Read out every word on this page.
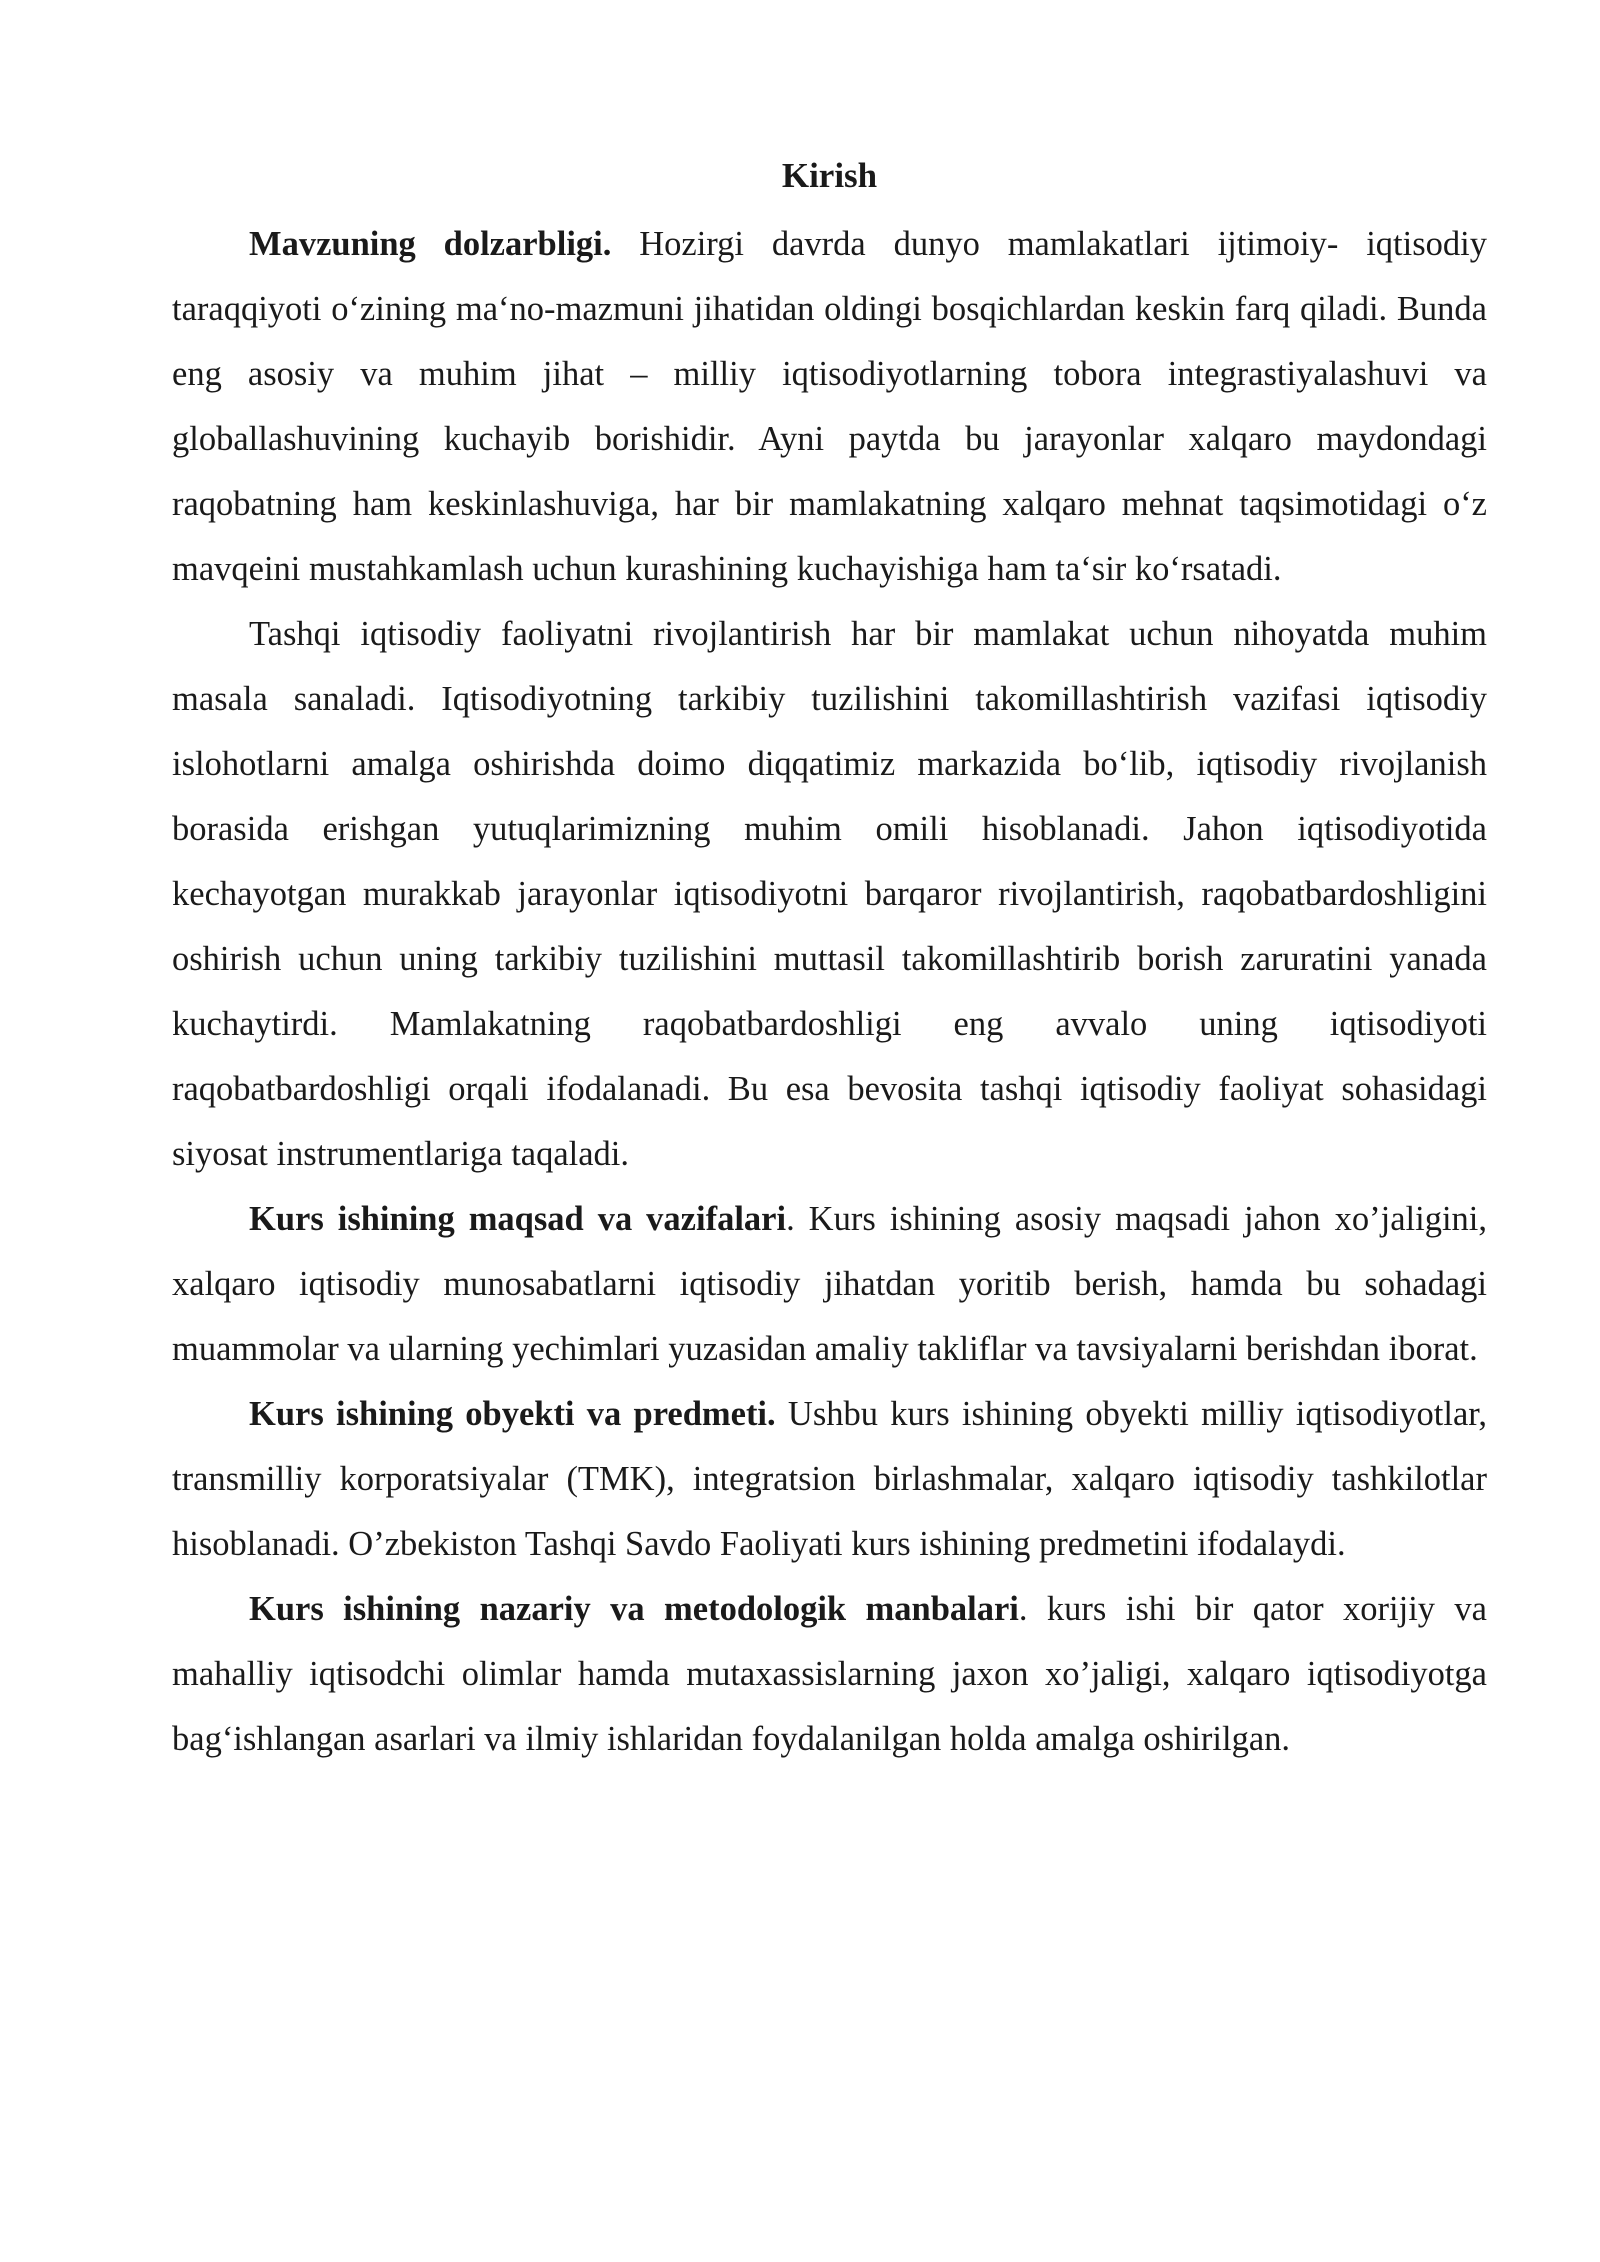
Kirish

Mavzuning dolzarbligi. Hozirgi davrda dunyo mamlakatlari ijtimoiy- iqtisodiy taraqqiyoti o‘zining ma‘no-mazmuni jihatidan oldingi bosqichlardan keskin farq qiladi. Bunda eng asosiy va muhim jihat – milliy iqtisodiyotlarning tobora integrastiyalashuvi va globallashuvining kuchayib borishidir. Ayni paytda bu jarayonlar xalqaro maydondagi raqobatning ham keskinlashuviga, har bir mamlakatning xalqaro mehnat taqsimotidagi o‘z mavqeini mustahkamlash uchun kurashining kuchayishiga ham ta‘sir ko‘rsatadi.

Tashqi iqtisodiy faoliyatni rivojlantirish har bir mamlakat uchun nihoyatda muhim masala sanaladi. Iqtisodiyotning tarkibiy tuzilishini takomillashtirish vazifasi iqtisodiy islohotlarni amalga oshirishda doimo diqqatimiz markazida bo‘lib, iqtisodiy rivojlanish borasida erishgan yutuqlarimizning muhim omili hisoblanadi. Jahon iqtisodiyotida kechayotgan murakkab jarayonlar iqtisodiyotni barqaror rivojlantirish, raqobatbardoshligini oshirish uchun uning tarkibiy tuzilishini muttasil takomillashtirib borish zaruratini yanada kuchaytirdi. Mamlakatning raqobatbardoshligi eng avvalo uning iqtisodiyoti raqobatbardoshligi orqali ifodalanadi. Bu esa bevosita tashqi iqtisodiy faoliyat sohasidagi siyosat instrumentlariga taqaladi.

Kurs ishining maqsad va vazifalari. Kurs ishining asosiy maqsadi jahon xo’jaligini, xalqaro iqtisodiy munosabatlarni iqtisodiy jihatdan yoritib berish, hamda bu sohadagi muammolar va ularning yechimlari yuzasidan amaliy takliflar va tavsiyalarni berishdan iborat.

Kurs ishining obyekti va predmeti. Ushbu kurs ishining obyekti milliy iqtisodiyotlar, transmilliy korporatsiyalar (TMK), integratsion birlashmalar, xalqaro iqtisodiy tashkilotlar hisoblanadi. O’zbekiston Tashqi Savdo Faoliyati kurs ishining predmetini ifodalaydi.

Kurs ishining nazariy va metodologik manbalari. kurs ishi bir qator xorijiy va mahalliy iqtisodchi olimlar hamda mutaxassislarning jaxon xo’jaligi, xalqaro iqtisodiyotga bag‘ishlangan asarlari va ilmiy ishlaridan foydalanilgan holda amalga oshirilgan.
